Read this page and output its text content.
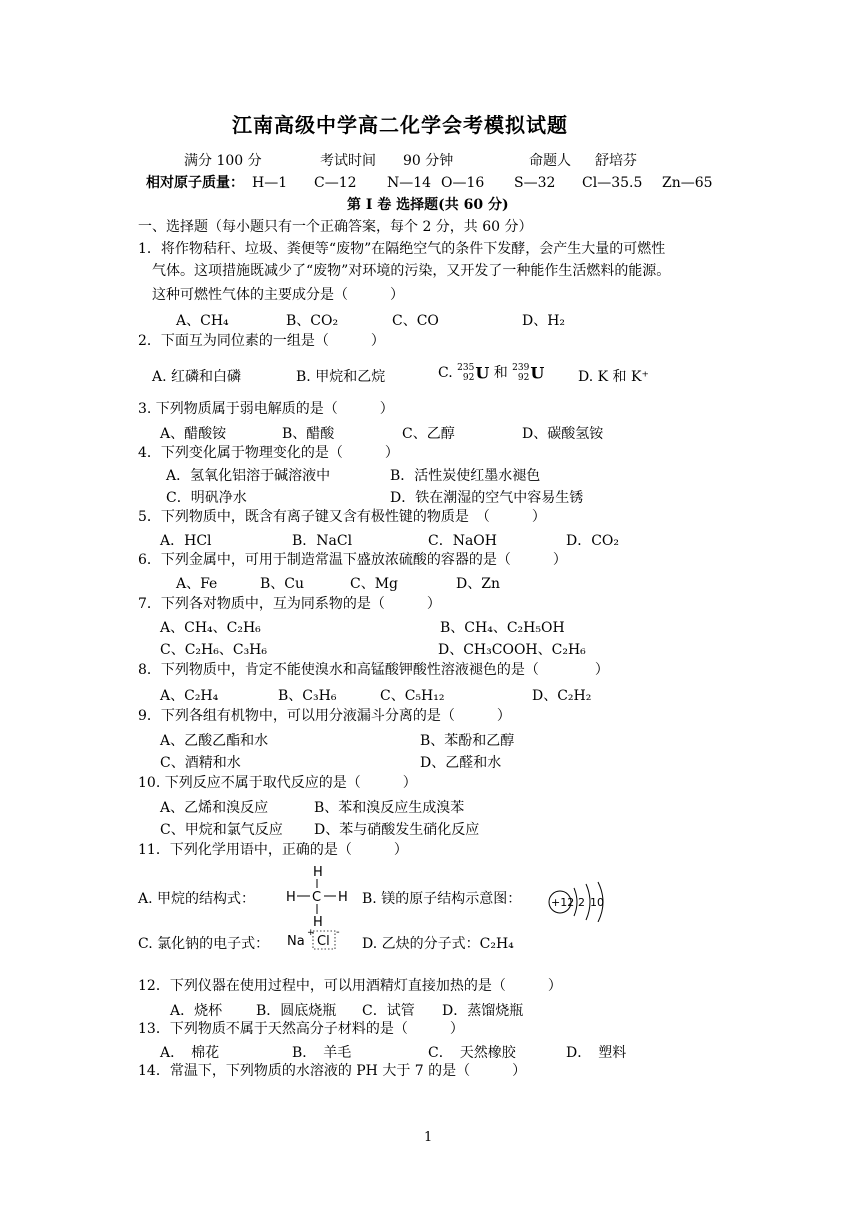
江南高级中学高二化学会考模拟试题
满分 100 分	考试时间 90 分钟	命题人 舒培芬
相对原子质量： H—1 C—12 N—14 O—16 S—32 Cl—35.5 Zn—65
第 I 卷 选择题(共 60 分)
一、选择题（每小题只有一个正确答案，每个 2 分，共 60 分）
1．将作物秸秆、垃圾、粪便等“废物”在隔绝空气的条件下发酵，会产生大量的可燃性
气体。这项措施既减少了“废物”对环境的污染，又开发了一种能作生活燃料的能源。
这种可燃性气体的主要成分是（　　　）
A、CH₄	B、CO₂	C、CO	D、H₂
2．下面互为同位素的一组是（　　　）
A. 红磷和白磷	B. 甲烷和乙烷	C. 235
92U 和 239
92U D. K 和 K⁺
3. 下列物质属于弱电解质的是（　　　）
A、醋酸铵	B、醋酸	C、乙醇	D、碳酸氢铵
4．下列变化属于物理变化的是（　　　）
A．氢氧化铝溶于碱溶液中	B．活性炭使红墨水褪色
C．明矾净水	D．铁在潮湿的空气中容易生锈
5．下列物质中，既含有离子键又含有极性键的物质是　（　　　）
A．HCl	B．NaCl	C．NaOH	D．CO₂
6．下列金属中，可用于制造常温下盛放浓硫酸的容器的是（　　　）
A、Fe	B、Cu	C、Mg	D、Zn
7．下列各对物质中，互为同系物的是（　　　）
A、CH₄、C₂H₆	B、CH₄、C₂H₅OH
C、C₂H₆、C₃H₆	D、CH₃COOH、C₂H₆
8．下列物质中，肯定不能使溴水和高锰酸钾酸性溶液褪色的是（　　　　）
A、C₂H₄	B、C₃H₆	C、C₅H₁₂	D、C₂H₂
9．下列各组有机物中，可以用分液漏斗分离的是（　　　）
A、乙酸乙酯和水	B、苯酚和乙醇
C、酒精和水	D、乙醛和水
10. 下列反应不属于取代反应的是（　　　）
A、乙烯和溴反应	B、苯和溴反应生成溴苯
C、甲烷和氯气反应 D、苯与硝酸发生硝化反应
11．下列化学用语中，正确的是（　　　）
A. 甲烷的结构式：
H
H C H
H
B. 镁的原子结构示意图：	+12 2 10
C. 氯化钠的电子式： Na
+
Cl
-
D. 乙炔的分子式：C₂H₄
12．下列仪器在使用过程中，可以用酒精灯直接加热的是（　　　）
A．烧杯 B．圆底烧瓶 C．试管 D．蒸馏烧瓶
13．下列物质不属于天然高分子材料的是（　　　）
A．　棉花	B．　羊毛	C．　天然橡胶	D．　塑料
14．常温下，下列物质的水溶液的 PH 大于 7 的是（　　　）
1
